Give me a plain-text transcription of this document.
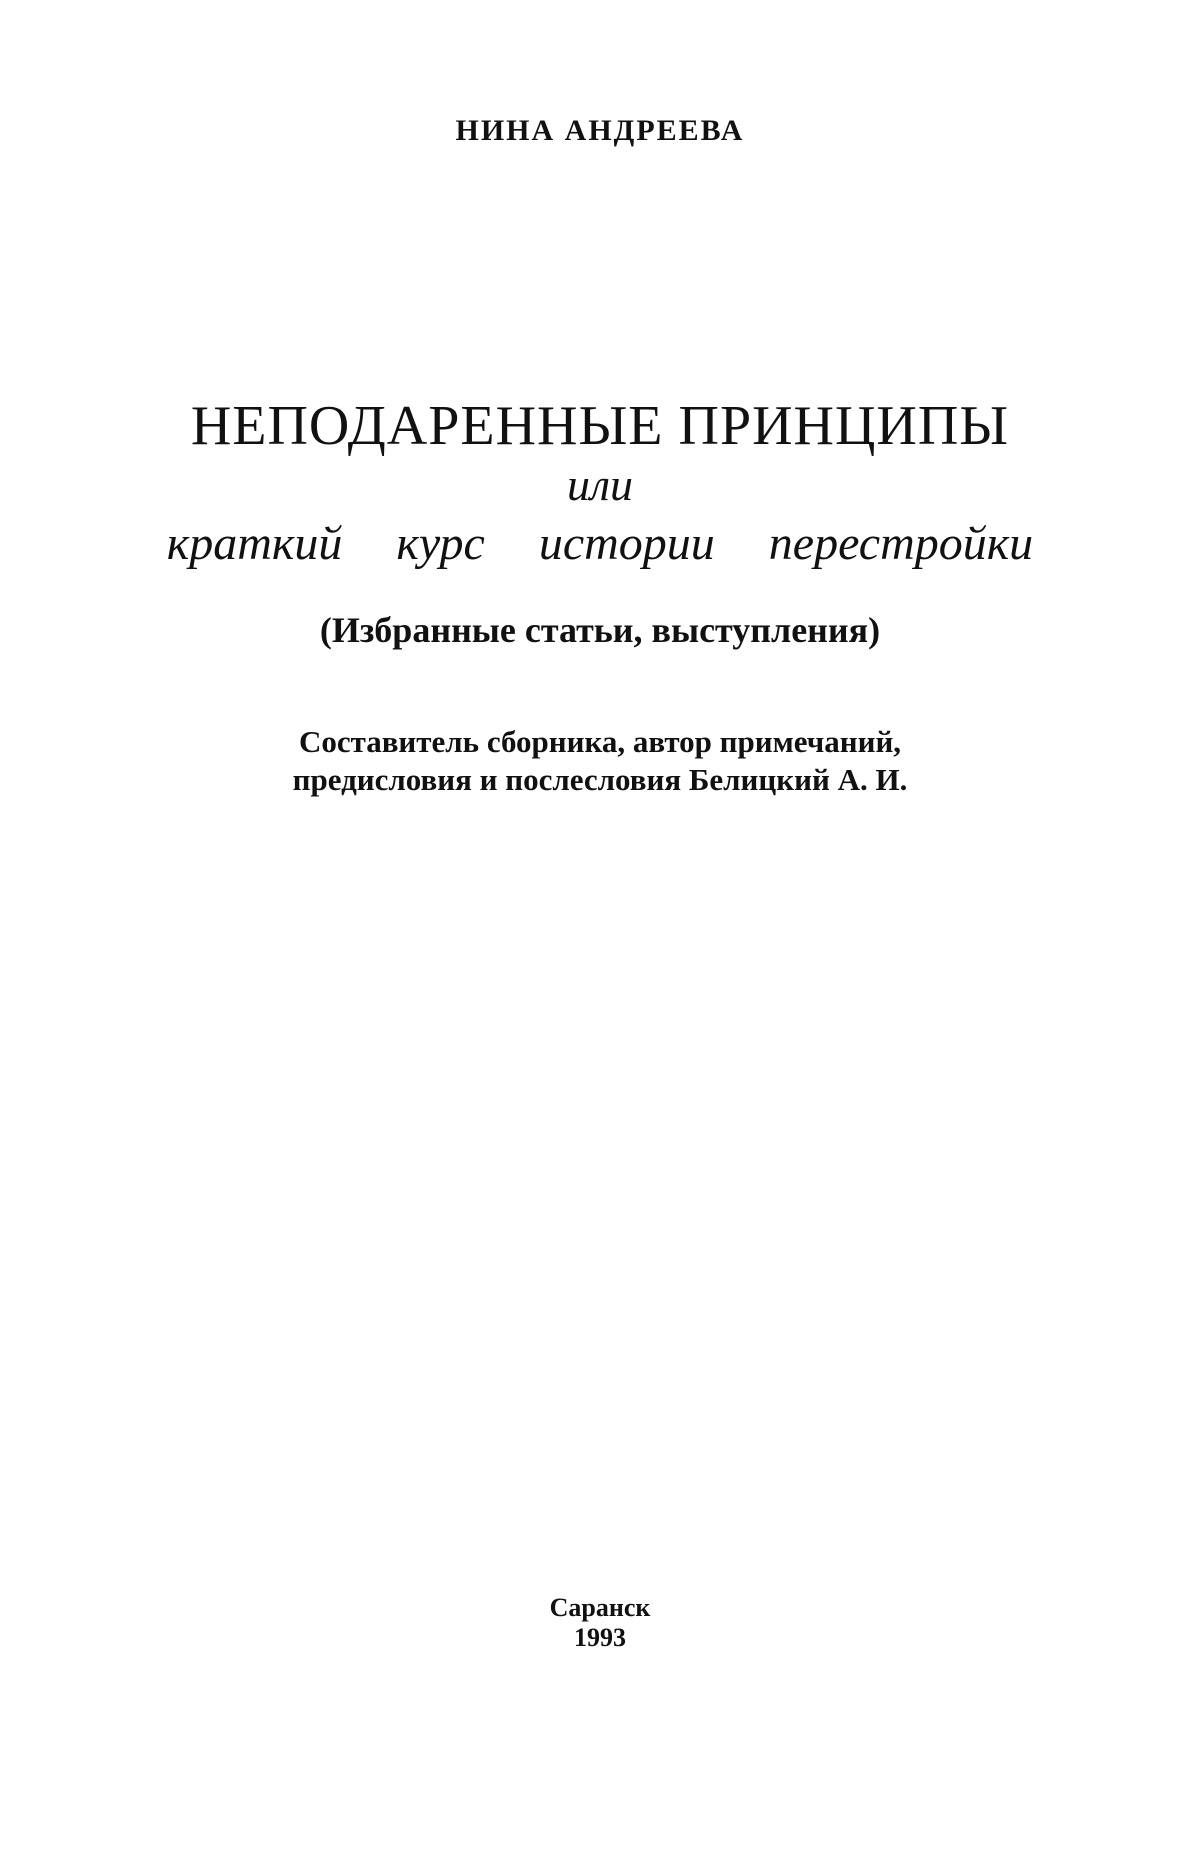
НИНА АНДРЕЕВА
НЕПОДАРЕННЫЕ ПРИНЦИПЫ
или
краткий курс истории перестройки
(Избранные статьи, выступления)
Составитель сборника, автор примечаний,
предисловия и послесловия Белицкий А. И.
Саранск
1993
